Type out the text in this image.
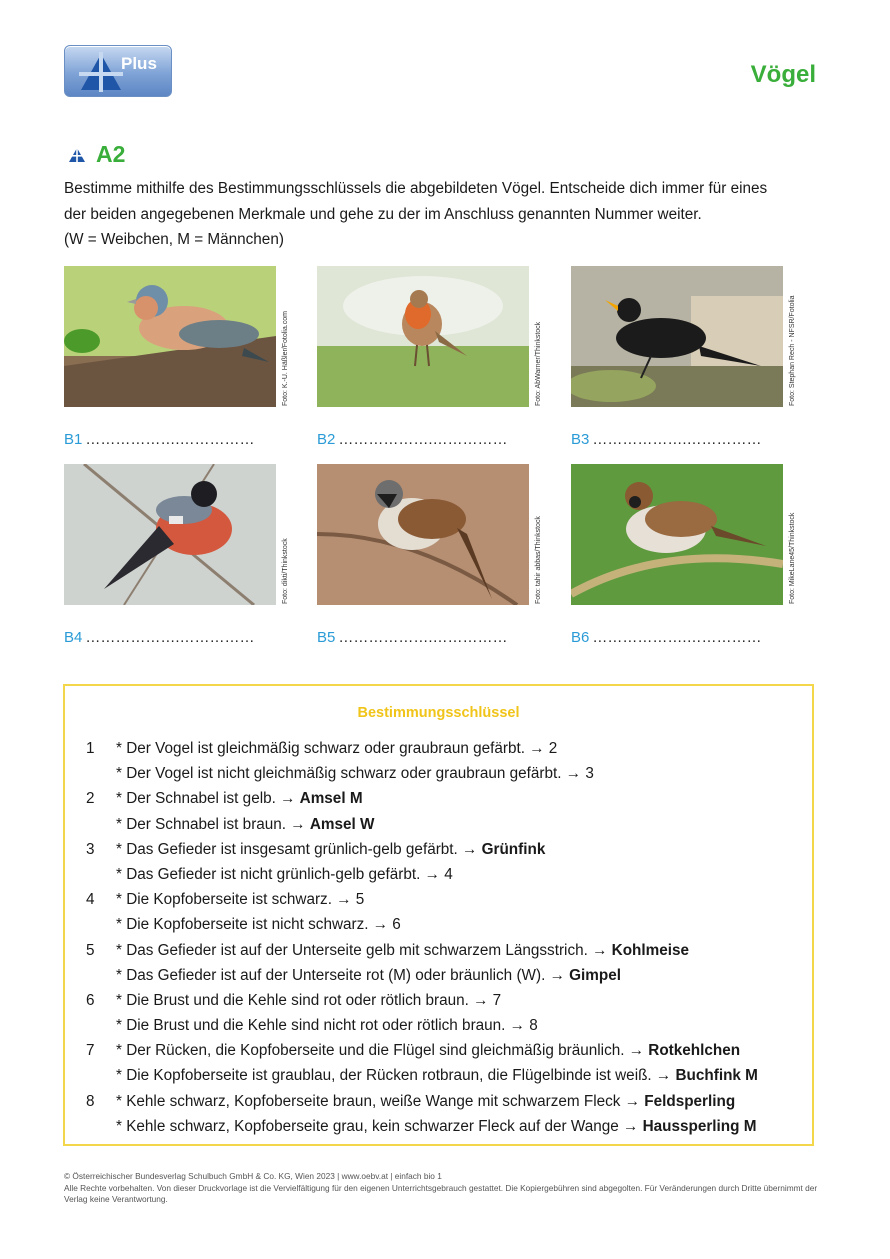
Plus	Vögel
A2

Bestimme mithilfe des Bestimmungsschlüssels die abgebildeten Vögel. Entscheide dich immer für eines

der beiden angegebenen Merkmale und gehe zu der im Anschluss genannten Nummer weiter.

(W = Weibchen, M = Männchen)

Foto: K.-U. Häßler/Fotolia.com	Foto: AbWarner/Thinkstock	Foto: Stephan Rech - NFSR/Fotolia
B1 ……………….……………	B2 ……………….……………	B3 ……………….……………
Foto: dikti/Thinkstock	Foto: tahir abbas/Thinkstock	Foto: MikeLane45/Thinkstock
B4 ……………….……………	B5 ……………….……………	B6 ……………….……………
Bestimmungsschlüssel
1	* Der Vogel ist gleichmäßig schwarz oder graubraun gefärbt. → 2
* Der Vogel ist nicht gleichmäßig schwarz oder graubraun gefärbt. → 3
2	* Der Schnabel ist gelb. → Amsel M
* Der Schnabel ist braun. → Amsel W
3	* Das Gefieder ist insgesamt grünlich-gelb gefärbt. → Grünfink
* Das Gefieder ist nicht grünlich-gelb gefärbt. → 4
4	* Die Kopfoberseite ist schwarz. → 5
* Die Kopfoberseite ist nicht schwarz. → 6
5	* Das Gefieder ist auf der Unterseite gelb mit schwarzem Längsstrich. → Kohlmeise
* Das Gefieder ist auf der Unterseite rot (M) oder bräunlich (W). → Gimpel
6	* Die Brust und die Kehle sind rot oder rötlich braun. → 7
* Die Brust und die Kehle sind nicht rot oder rötlich braun. → 8
7	* Der Rücken, die Kopfoberseite und die Flügel sind gleichmäßig bräunlich. → Rotkehlchen
* Die Kopfoberseite ist graublau, der Rücken rotbraun, die Flügelbinde ist weiß. → Buchfink M
8	* Kehle schwarz, Kopfoberseite braun, weiße Wange mit schwarzem Fleck → Feldsperling
* Kehle schwarz, Kopfoberseite grau, kein schwarzer Fleck auf der Wange → Haussperling M

© Österreichischer Bundesverlag Schulbuch GmbH & Co. KG, Wien 2023 | www.oebv.at | einfach bio 1

Alle Rechte vorbehalten. Von dieser Druckvorlage ist die Vervielfältigung für den eigenen Unterrichtsgebrauch gestattet. Die Kopiergebühren sind abgegolten. Für Veränderungen durch Dritte übernimmt der Verlag keine Verantwortung.
